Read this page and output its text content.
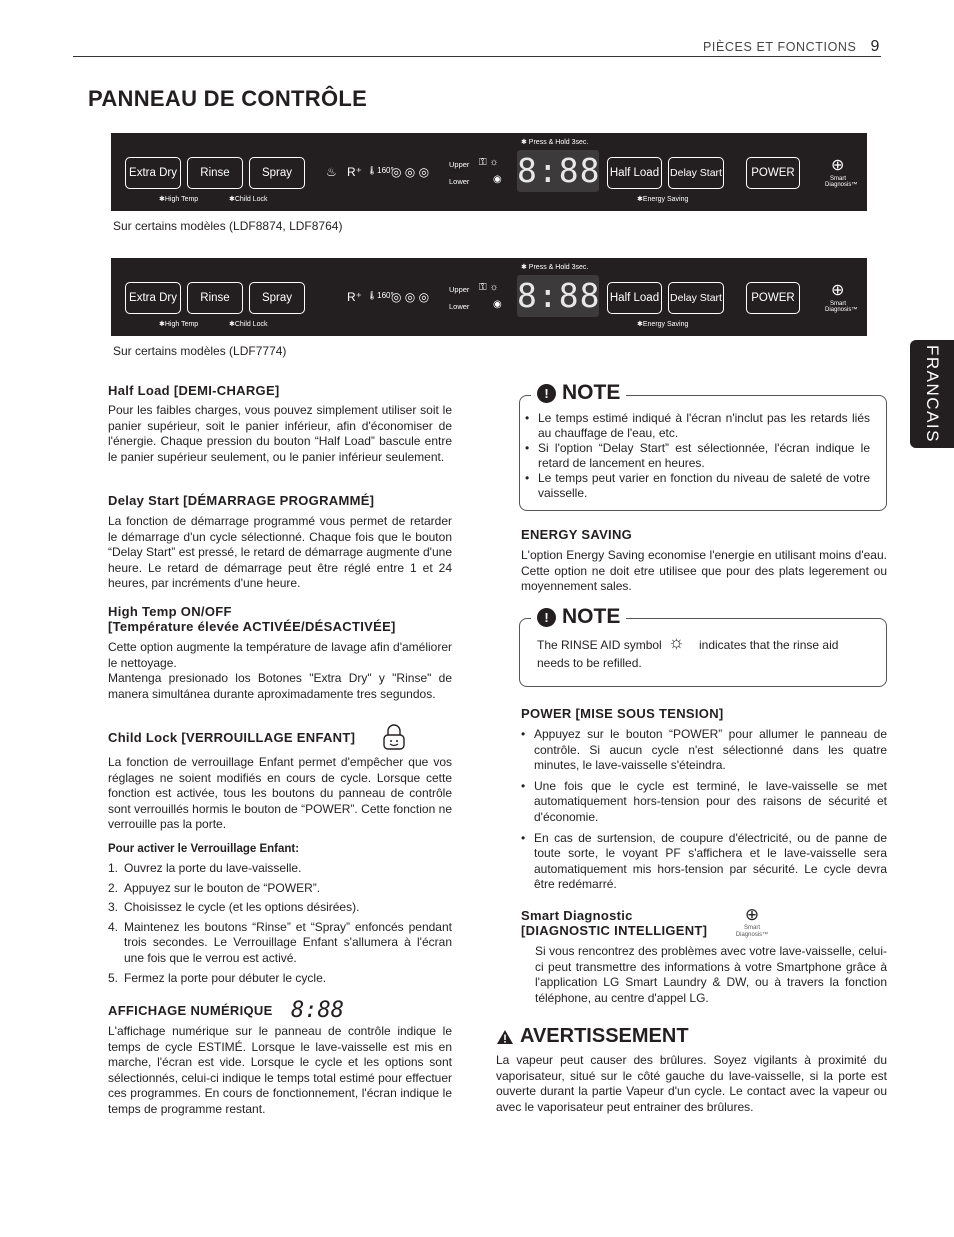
PIÈCES ET FONCTIONS 9
PANNEAU DE CONTRÔLE
FRANCAIS
Extra Dry	Rinse	Spray
✱High Temp	✱Child Lock
♨ R⁺ 🌡160°
◎ ◎ ◎
Upper
Lower
⚿ ☼
◉
✱ Press & Hold 3sec.
8:88 Half Load Delay Start
✱Energy Saving
POWER	⊕
Smart
Diagnosis™
Sur certains modèles (LDF8874, LDF8764)
Extra Dry	Rinse	Spray
✱High Temp	✱Child Lock
R⁺ 🌡160°
◎ ◎ ◎
Upper
Lower
⚿ ☼
◉
✱ Press & Hold 3sec.
8:88 Half Load Delay Start
✱Energy Saving
POWER	⊕
Smart
Diagnosis™
Sur certains modèles (LDF7774)
Half Load [DEMI-CHARGE]
Pour les faibles charges, vous pouvez simplement utiliser soit le panier supérieur, soit le panier inférieur, afin d'économiser de l'énergie. Chaque pression du bouton “Half Load” bascule entre le panier supérieur seulement, ou le panier inférieur seulement.
Delay Start [DÉMARRAGE PROGRAMMÉ]
La fonction de démarrage programmé vous permet de retarder le démarrage d'un cycle sélectionné. Chaque fois que le bouton “Delay Start” est pressé, le retard de démarrage augmente d'une heure. Le retard de démarrage peut être réglé entre 1 et 24 heures, par incréments d'une heure.
High Temp ON/OFF
[Température élevée ACTIVÉE/DÉSACTIVÉE]
Cette option augmente la température de lavage afin d'améliorer le nettoyage.
Mantenga presionado los Botones "Extra Dry" y "Rinse" de manera simultánea durante aproximadamente tres segundos.
Child Lock [VERROUILLAGE ENFANT]
La fonction de verrouillage Enfant permet d'empêcher que vos réglages ne soient modifiés en cours de cycle. Lorsque cette fonction est activée, tous les boutons du panneau de contrôle sont verrouillés hormis le bouton de “POWER”. Cette fonction ne verrouille pas la porte.
Pour activer le Verrouillage Enfant:
1. Ouvrez la porte du lave-vaisselle.
2. Appuyez sur le bouton de “POWER”.
3. Choisissez le cycle (et les options désirées).
4. Maintenez les boutons “Rinse” et “Spray” enfoncés pendant trois secondes. Le Verrouillage Enfant s'allumera à l'écran une fois que le verrou est activé.
5. Fermez la porte pour débuter le cycle.
AFFICHAGE NUMÉRIQUE 8:88
L'affichage numérique sur le panneau de contrôle indique le temps de cycle ESTIMÉ. Lorsque le lave-vaisselle est mis en marche, l'écran est vide. Lorsque le cycle et les options sont sélectionnés, celui-ci indique le temps total estimé pour effectuer ces programmes. En cours de fonctionnement, l'écran indique le temps de programme restant.
! NOTE
• Le temps estimé indiqué à l'écran n'inclut pas les retards liés au chauffage de l'eau, etc.
• Si l'option “Delay Start” est sélectionnée, l'écran indique le retard de lancement en heures.
• Le temps peut varier en fonction du niveau de saleté de votre vaisselle.
ENERGY SAVING
L'option Energy Saving economise l'energie en utilisant moins d'eau. Cette option ne doit etre utilisee que pour des plats legerement ou moyennement sales.
! NOTE
The RINSE AID symbol ☼ indicates that the rinse aid
needs to be refilled.
POWER [MISE SOUS TENSION]
• Appuyez sur le bouton “POWER” pour allumer le panneau de contrôle. Si aucun cycle n'est sélectionné dans les quatre minutes, le lave-vaisselle s'éteindra.
• Une fois que le cycle est terminé, le lave-vaisselle se met automatiquement hors-tension pour des raisons de sécurité et d'économie.
• En cas de surtension, de coupure d'électricité, ou de panne de toute sorte, le voyant PF s'affichera et le lave-vaisselle sera automatiquement mis hors-tension par sécurité. Le cycle devra être redémarré.
Smart Diagnostic
[DIAGNOSTIC INTELLIGENT]
⊕
Smart
Diagnosis™
Si vous rencontrez des problèmes avec votre lave-vaisselle, celui-ci peut transmettre des informations à votre Smartphone grâce à l'application LG Smart Laundry & DW, ou à travers la fonction téléphone, au centre d'appel LG.
AVERTISSEMENT
La vapeur peut causer des brûlures. Soyez vigilants à proximité du vaporisateur, situé sur le côté gauche du lave-vaisselle, si la porte est ouverte durant la partie Vapeur d'un cycle. Le contact avec la vapeur ou avec le vaporisateur peut entrainer des brûlures.
